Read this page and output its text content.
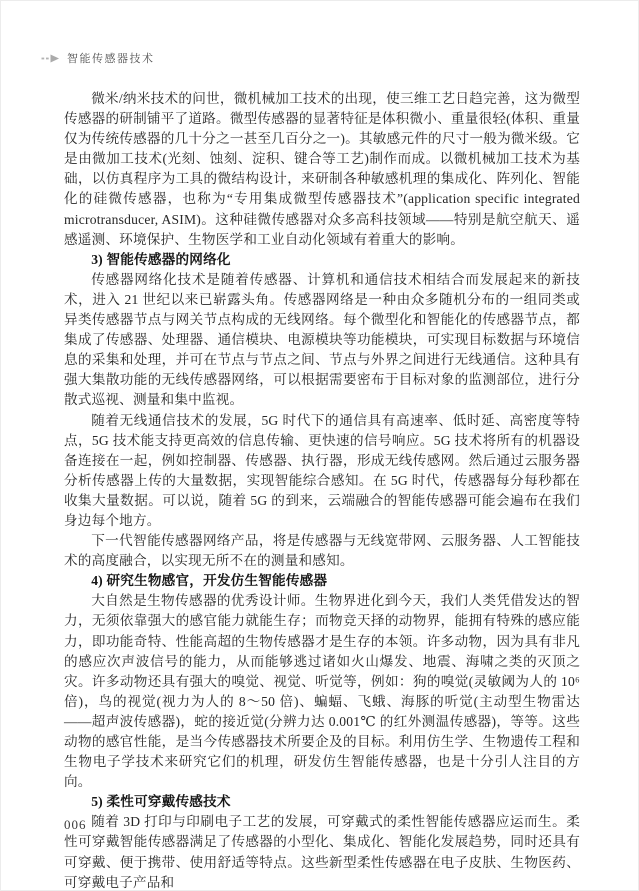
智能传感器技术

微米/纳米技术的问世，微机械加工技术的出现，使三维工艺日趋完善，这为微型传感器的研制铺平了道路。微型传感器的显著特征是体积微小、重量很轻(体积、重量仅为传统传感器的几十分之一甚至几百分之一)。其敏感元件的尺寸一般为微米级。它是由微加工技术(光刻、蚀刻、淀积、键合等工艺)制作而成。以微机械加工技术为基础，以仿真程序为工具的微结构设计，来研制各种敏感机理的集成化、阵列化、智能化的硅微传感器，也称为“专用集成微型传感器技术”(application specific integrated microtransducer, ASIM)。这种硅微传感器对众多高科技领域——特别是航空航天、遥感遥测、环境保护、生物医学和工业自动化领域有着重大的影响。

3) 智能传感器的网络化

传感器网络化技术是随着传感器、计算机和通信技术相结合而发展起来的新技术，进入 21 世纪以来已崭露头角。传感器网络是一种由众多随机分布的一组同类或异类传感器节点与网关节点构成的无线网络。每个微型化和智能化的传感器节点，都集成了传感器、处理器、通信模块、电源模块等功能模块，可实现目标数据与环境信息的采集和处理，并可在节点与节点之间、节点与外界之间进行无线通信。这种具有强大集散功能的无线传感器网络，可以根据需要密布于目标对象的监测部位，进行分散式巡视、测量和集中监视。

随着无线通信技术的发展，5G 时代下的通信具有高速率、低时延、高密度等特点，5G 技术能支持更高效的信息传输、更快速的信号响应。5G 技术将所有的机器设备连接在一起，例如控制器、传感器、执行器，形成无线传感网。然后通过云服务器分析传感器上传的大量数据，实现智能综合感知。在 5G 时代，传感器每分每秒都在收集大量数据。可以说，随着 5G 的到来，云端融合的智能传感器可能会遍布在我们身边每个地方。

下一代智能传感器网络产品，将是传感器与无线宽带网、云服务器、人工智能技术的高度融合，以实现无所不在的测量和感知。

4) 研究生物感官，开发仿生智能传感器

大自然是生物传感器的优秀设计师。生物界进化到今天，我们人类凭借发达的智力，无须依靠强大的感官能力就能生存；而物竞天择的动物界，能拥有特殊的感应能力，即功能奇特、性能高超的生物传感器才是生存的本领。许多动物，因为具有非凡的感应次声波信号的能力，从而能够逃过诸如火山爆发、地震、海啸之类的灭顶之灾。许多动物还具有强大的嗅觉、视觉、听觉等，例如：狗的嗅觉(灵敏阈为人的 10⁶ 倍)，鸟的视觉(视力为人的 8～50 倍)、蝙蝠、飞蛾、海豚的听觉(主动型生物雷达——超声波传感器)，蛇的接近觉(分辨力达 0.001℃ 的红外测温传感器)，等等。这些动物的感官性能，是当今传感器技术所要企及的目标。利用仿生学、生物遗传工程和生物电子学技术来研究它们的机理，研发仿生智能传感器，也是十分引人注目的方向。

5) 柔性可穿戴传感技术

随着 3D 打印与印刷电子工艺的发展，可穿戴式的柔性智能传感器应运而生。柔性可穿戴智能传感器满足了传感器的小型化、集成化、智能化发展趋势，同时还具有可穿戴、便于携带、使用舒适等特点。这些新型柔性传感器在电子皮肤、生物医药、可穿戴电子产品和

006
